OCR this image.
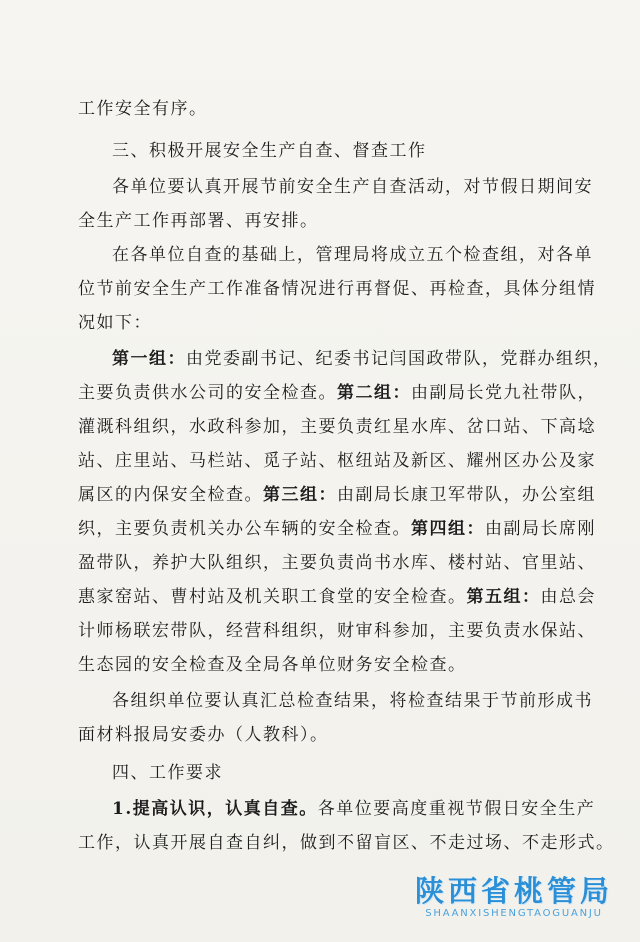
工作安全有序。
三、积极开展安全生产自查、督查工作
各单位要认真开展节前安全生产自查活动，对节假日期间安
全生产工作再部署、再安排。
在各单位自查的基础上，管理局将成立五个检查组，对各单
位节前安全生产工作准备情况进行再督促、再检查，具体分组情
况如下：
第一组：由党委副书记、纪委书记闫国政带队，党群办组织，
主要负责供水公司的安全检查。第二组：由副局长党九社带队，
灌溉科组织，水政科参加，主要负责红星水库、岔口站、下高埝
站、庄里站、马栏站、觅子站、枢纽站及新区、耀州区办公及家
属区的内保安全检查。第三组：由副局长康卫军带队，办公室组
织，主要负责机关办公车辆的安全检查。第四组：由副局长席刚
盈带队，养护大队组织，主要负责尚书水库、楼村站、官里站、
惠家窑站、曹村站及机关职工食堂的安全检查。第五组：由总会
计师杨联宏带队，经营科组织，财审科参加，主要负责水保站、
生态园的安全检查及全局各单位财务安全检查。
各组织单位要认真汇总检查结果，将检查结果于节前形成书
面材料报局安委办（人教科）。
四、工作要求
1.提高认识，认真自查。各单位要高度重视节假日安全生产
工作，认真开展自查自纠，做到不留盲区、不走过场、不走形式。
陕西省桃管局
SHAANXISHENGTAOGUANJU
